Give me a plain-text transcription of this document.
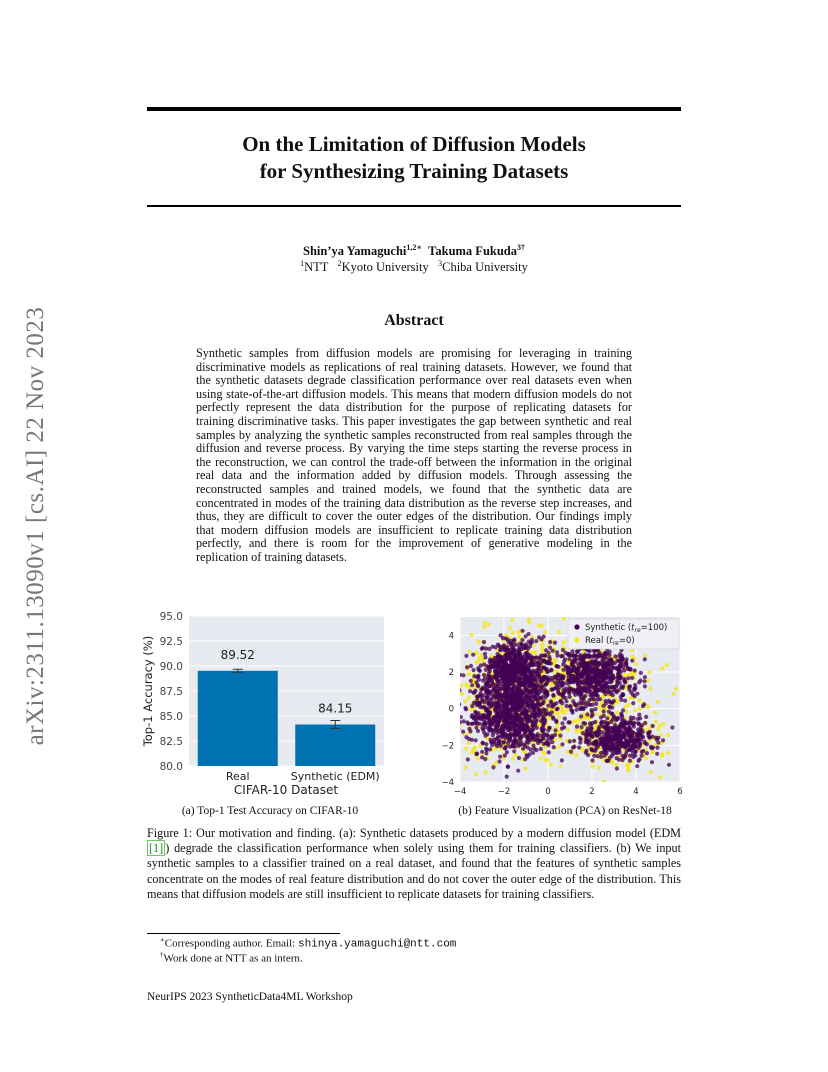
arXiv:2311.13090v1 [cs.AI] 22 Nov 2023
On the Limitation of Diffusion Models
for Synthesizing Training Datasets
Shin’ya Yamaguchi$^{1,2∗}$ Takuma Fukuda$^{3\dagger}$
$^1$NTT $^2$Kyoto University $^3$Chiba University
Abstract
Synthetic samples from diffusion models are promising for leveraging in training discriminative models as replications of real training datasets. However, we found that the synthetic datasets degrade classification performance over real datasets even when using state-of-the-art diffusion models. This means that modern diffusion models do not perfectly represent the data distribution for the purpose of replicating datasets for training discriminative tasks. This paper investigates the gap between synthetic and real samples by analyzing the synthetic samples reconstructed from real samples through the diffusion and reverse process. By varying the time steps starting the reverse process in the reconstruction, we can control the trade-off between the information in the original real data and the information added by diffusion models. Through assessing the reconstructed samples and trained models, we found that the synthetic data are concentrated in modes of the training data distribution as the reverse step increases, and thus, they are difficult to cover the outer edges of the distribution. Our findings imply that modern diffusion models are insufficient to replicate training data distribution perfectly, and there is room for the improvement of generative modeling in the replication of training datasets.
80.0
82.5
85.0
87.5
90.0
92.5
95.0
89.52
Real
84.15
Synthetic (EDM)
Top-1 Accuracy (%)
CIFAR-10 Dataset
(a) Top-1 Test Accuracy on CIFAR-10
−4	−2	0	2	4	6
−4
−2
0
2
4
Synthetic $(t_{re}=100)$
Real $(t_{re}=0)$
(b) Feature Visualization (PCA) on ResNet-18
Figure 1: Our motivation and finding. (a): Synthetic datasets produced by a modern diffusion model (EDM [1] ) degrade the classification performance when solely using them for training classifiers. (b) We input synthetic samples to a classifier trained on a real dataset, and found that the features of synthetic samples concentrate on the modes of real feature distribution and do not cover the outer edge of the distribution. This means that diffusion models are still insufficient to replicate datasets for training classifiers.
∗Corresponding author. Email: shinya.yamaguchi@ntt.com
†Work done at NTT as an intern.
NeurIPS 2023 SyntheticData4ML Workshop
